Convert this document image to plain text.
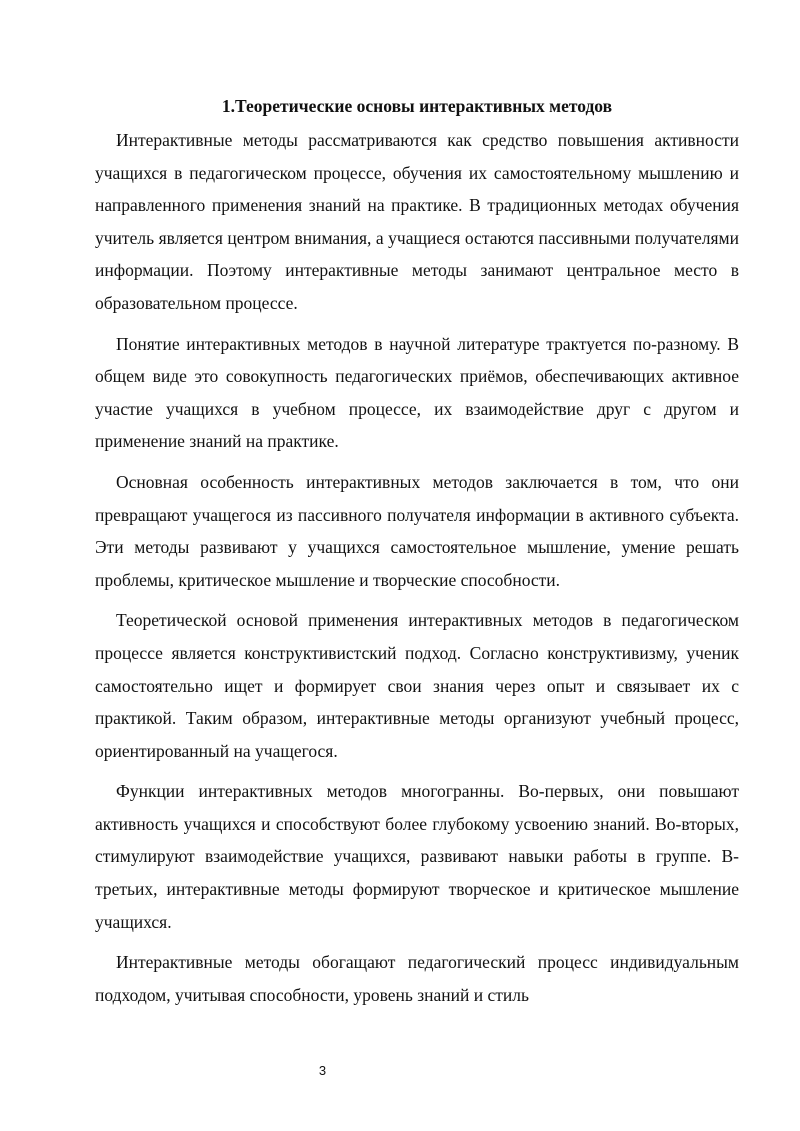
1.Теоретические основы интерактивных методов

Интерактивные методы рассматриваются как средство повышения активности учащихся в педагогическом процессе, обучения их самостоятельному мышлению и направленного применения знаний на практике. В традиционных методах обучения учитель является центром внимания, а учащиеся остаются пассивными получателями информации. Поэтому интерактивные методы занимают центральное место в образовательном процессе.

Понятие интерактивных методов в научной литературе трактуется по-разному. В общем виде это совокупность педагогических приёмов, обеспечивающих активное участие учащихся в учебном процессе, их взаимодействие друг с другом и применение знаний на практике.

Основная особенность интерактивных методов заключается в том, что они превращают учащегося из пассивного получателя информации в активного субъекта. Эти методы развивают у учащихся самостоятельное мышление, умение решать проблемы, критическое мышление и творческие способности.

Теоретической основой применения интерактивных методов в педагогическом процессе является конструктивистский подход. Согласно конструктивизму, ученик самостоятельно ищет и формирует свои знания через опыт и связывает их с практикой. Таким образом, интерактивные методы организуют учебный процесс, ориентированный на учащегося.

Функции интерактивных методов многогранны. Во-первых, они повышают активность учащихся и способствуют более глубокому усвоению знаний. Во-вторых, стимулируют взаимодействие учащихся, развивают навыки работы в группе. В-третьих, интерактивные методы формируют творческое и критическое мышление учащихся.

Интерактивные методы обогащают педагогический процесс индивидуальным подходом, учитывая способности, уровень знаний и стиль

3
